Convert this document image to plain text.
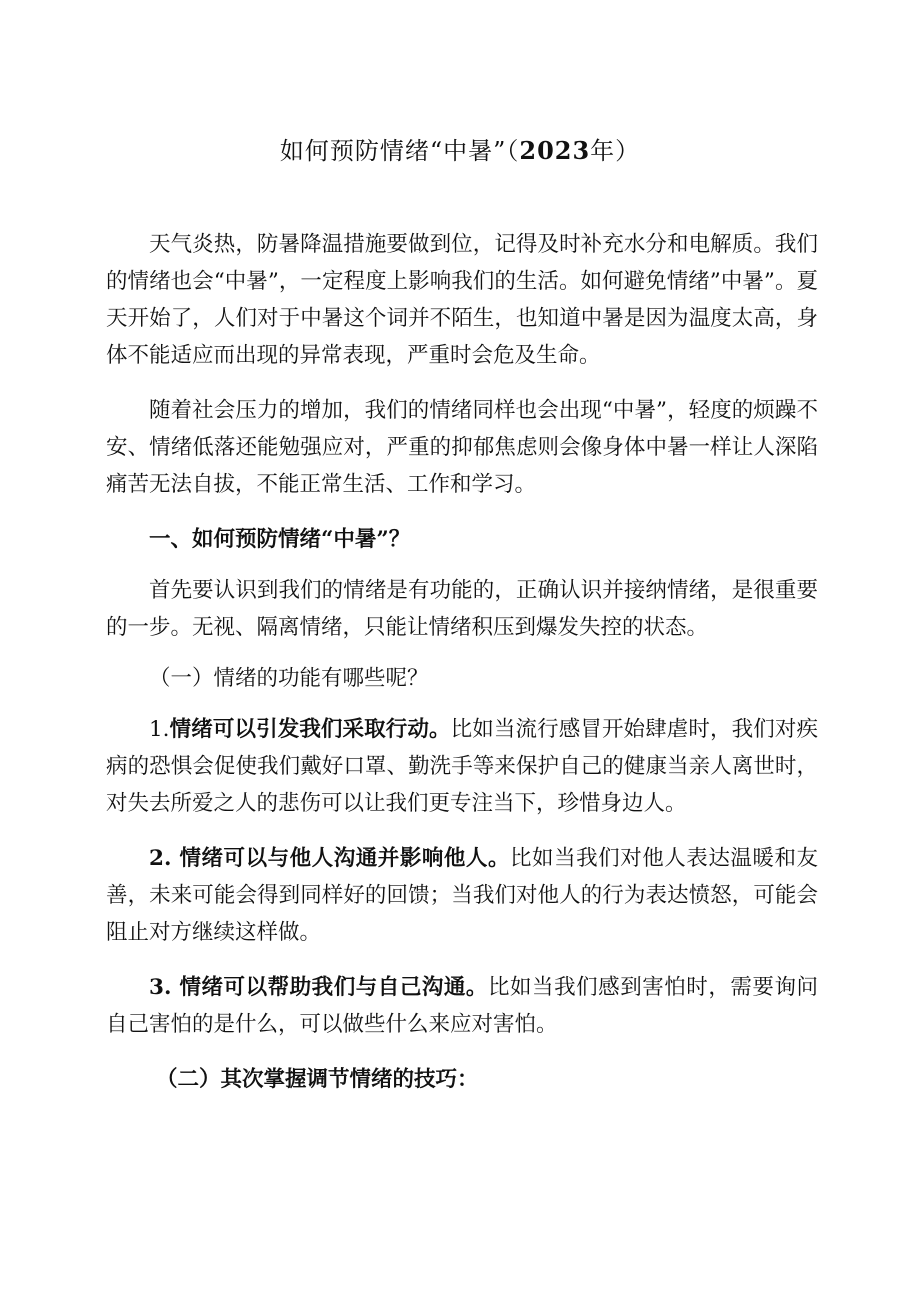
如何预防情绪“中暑”（2023年）

天气炎热，防暑降温措施要做到位，记得及时补充水分和电解质。我们的情绪也会“中暑”，一定程度上影响我们的生活。如何避免情绪”中暑”。夏天开始了，人们对于中暑这个词并不陌生，也知道中暑是因为温度太高，身体不能适应而出现的异常表现，严重时会危及生命。

随着社会压力的增加，我们的情绪同样也会出现“中暑”，轻度的烦躁不安、情绪低落还能勉强应对，严重的抑郁焦虑则会像身体中暑一样让人深陷痛苦无法自拔，不能正常生活、工作和学习。

一、如何预防情绪“中暑”？

首先要认识到我们的情绪是有功能的，正确认识并接纳情绪，是很重要的一步。无视、隔离情绪，只能让情绪积压到爆发失控的状态。

（一）情绪的功能有哪些呢？

1.情绪可以引发我们采取行动。比如当流行感冒开始肆虐时，我们对疾病的恐惧会促使我们戴好口罩、勤洗手等来保护自己的健康当亲人离世时，对失去所爱之人的悲伤可以让我们更专注当下，珍惜身边人。

2. 情绪可以与他人沟通并影响他人。比如当我们对他人表达温暖和友善，未来可能会得到同样好的回馈；当我们对他人的行为表达愤怒，可能会阻止对方继续这样做。

3. 情绪可以帮助我们与自己沟通。比如当我们感到害怕时，需要询问自己害怕的是什么，可以做些什么来应对害怕。

（二）其次掌握调节情绪的技巧：
